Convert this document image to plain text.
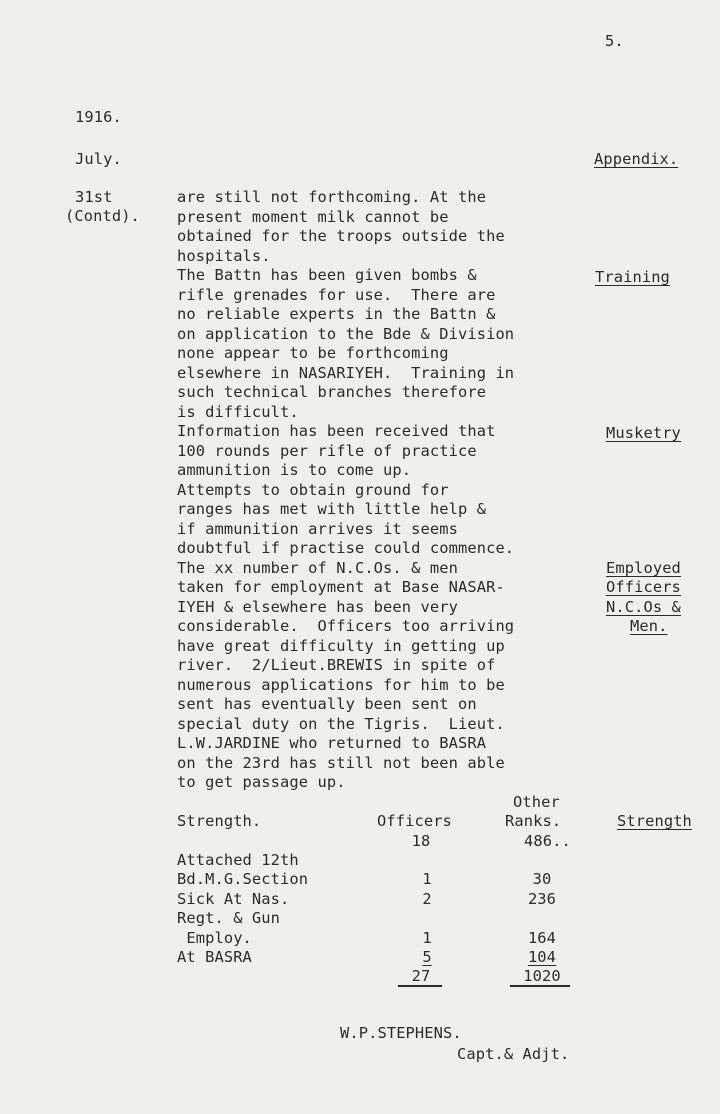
5.
1916.
July.	Appendix.
31st
(Contd).
are still not forthcoming. At the
present moment milk cannot be
obtained for the troops outside the
hospitals.
The Battn has been given bombs &
rifle grenades for use.  There are
no reliable experts in the Battn &
on application to the Bde & Division
none appear to be forthcoming
elsewhere in NASARIYEH.  Training in
such technical branches therefore
is difficult.
Information has been received that
100 rounds per rifle of practice
ammunition is to come up.
Attempts to obtain ground for
ranges has met with little help &
if ammunition arrives it seems
doubtful if practise could commence.
The xx number of N.C.Os. & men
taken for employment at Base NASAR-
IYEH & elsewhere has been very
considerable.  Officers too arriving
have great difficulty in getting up
river.  2/Lieut.BREWIS in spite of
numerous applications for him to be
sent has eventually been sent on
special duty on the Tigris.  Lieut.
L.W.JARDINE who returned to BASRA
on the 23rd has still not been able
to get passage up.
Training
Musketry
Employed
Officers
N.C.Os &
Men.
Strength
Strength.	Officers
Other
Ranks.
18	486..
Attached 12th
Bd.M.G.Section	1	30
Sick At Nas.	2	236
Regt. & Gun
Employ.	1	164
At BASRA	5	104
27	1020
W.P.STEPHENS.
Capt.& Adjt.
